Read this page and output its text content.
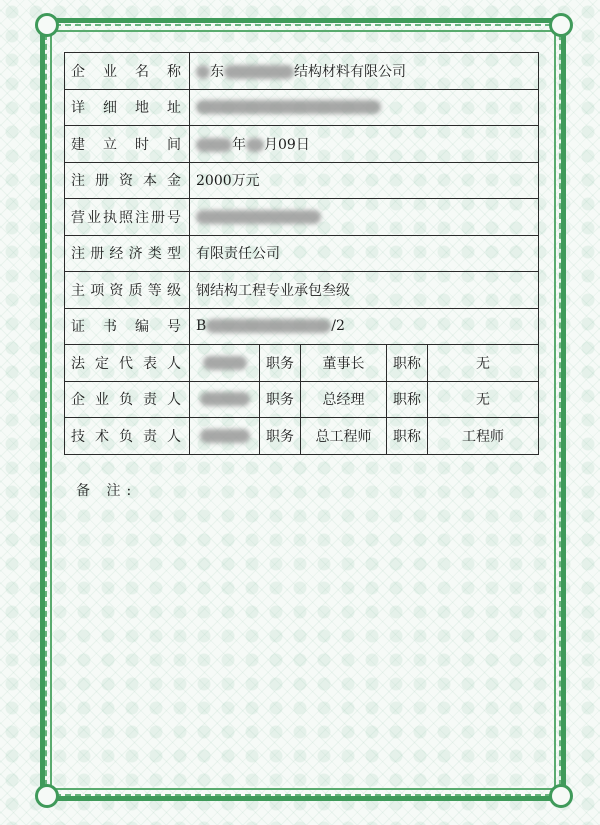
企业名称	东 结构材料有限公司				
详细地址					
建立时间	年 月09日				
注册资本金	2000万元				
营业执照注册号					
注册经济类型	有限责任公司				
主项资质等级	钢结构工程专业承包叁级				
证书编号	B /2				
法定代表人		职务	董事长	职称	无
企业负责人		职务	总经理	职称	无
技术负责人		职务	总工程师	职称	工程师
备 注:
